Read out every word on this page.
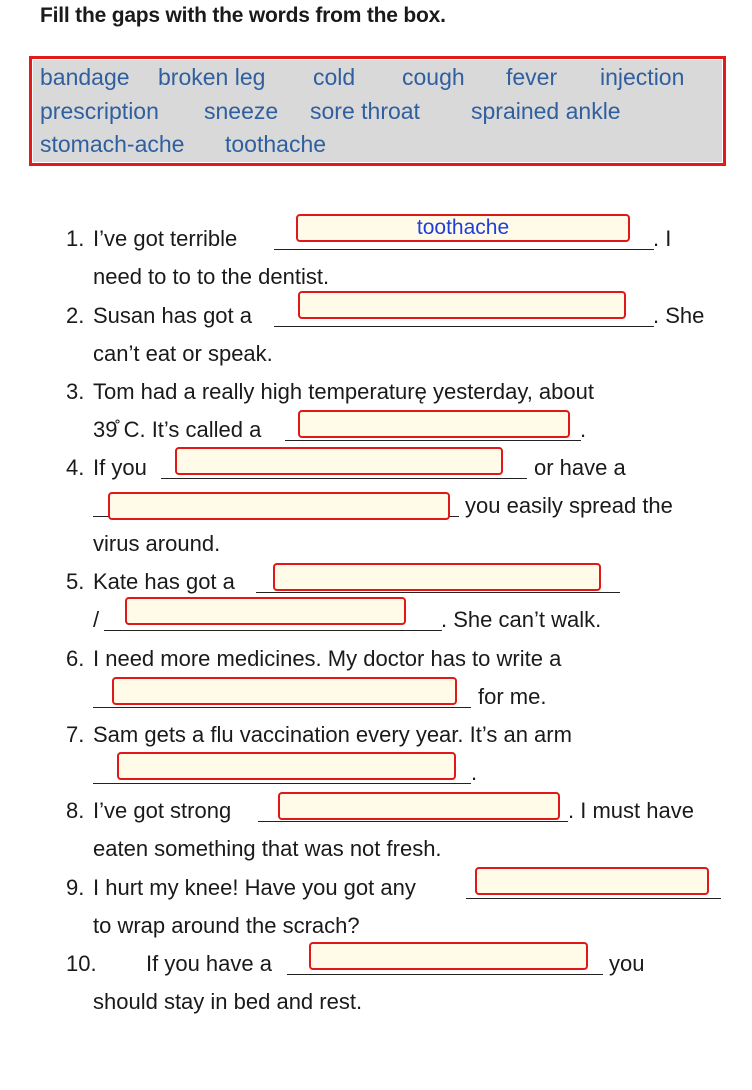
Fill the gaps with the words from the box.
bandage broken leg cold cough fever injection
prescription sneeze sore throat sprained ankle
stomach-ache toothache
1. I’ve got terrible
toothache	. I
need to to to the dentist.
2. Susan has got a	. She
can’t eat or speak.
3. Tom had a really high temperaturę yesterday, about
39̊ C. It’s called a	.
4. If you	or have a
you easily spread the
virus around.
5. Kate has got a
/	. She can’t walk.
6. I need more medicines. My doctor has to write a
for me.
7. Sam gets a flu vaccination every year. It’s an arm
.
8. I’ve got strong	. I must have
eaten something that was not fresh.
9. I hurt my knee! Have you got any
to wrap around the scrach?
10. If you have a	you
should stay in bed and rest.
